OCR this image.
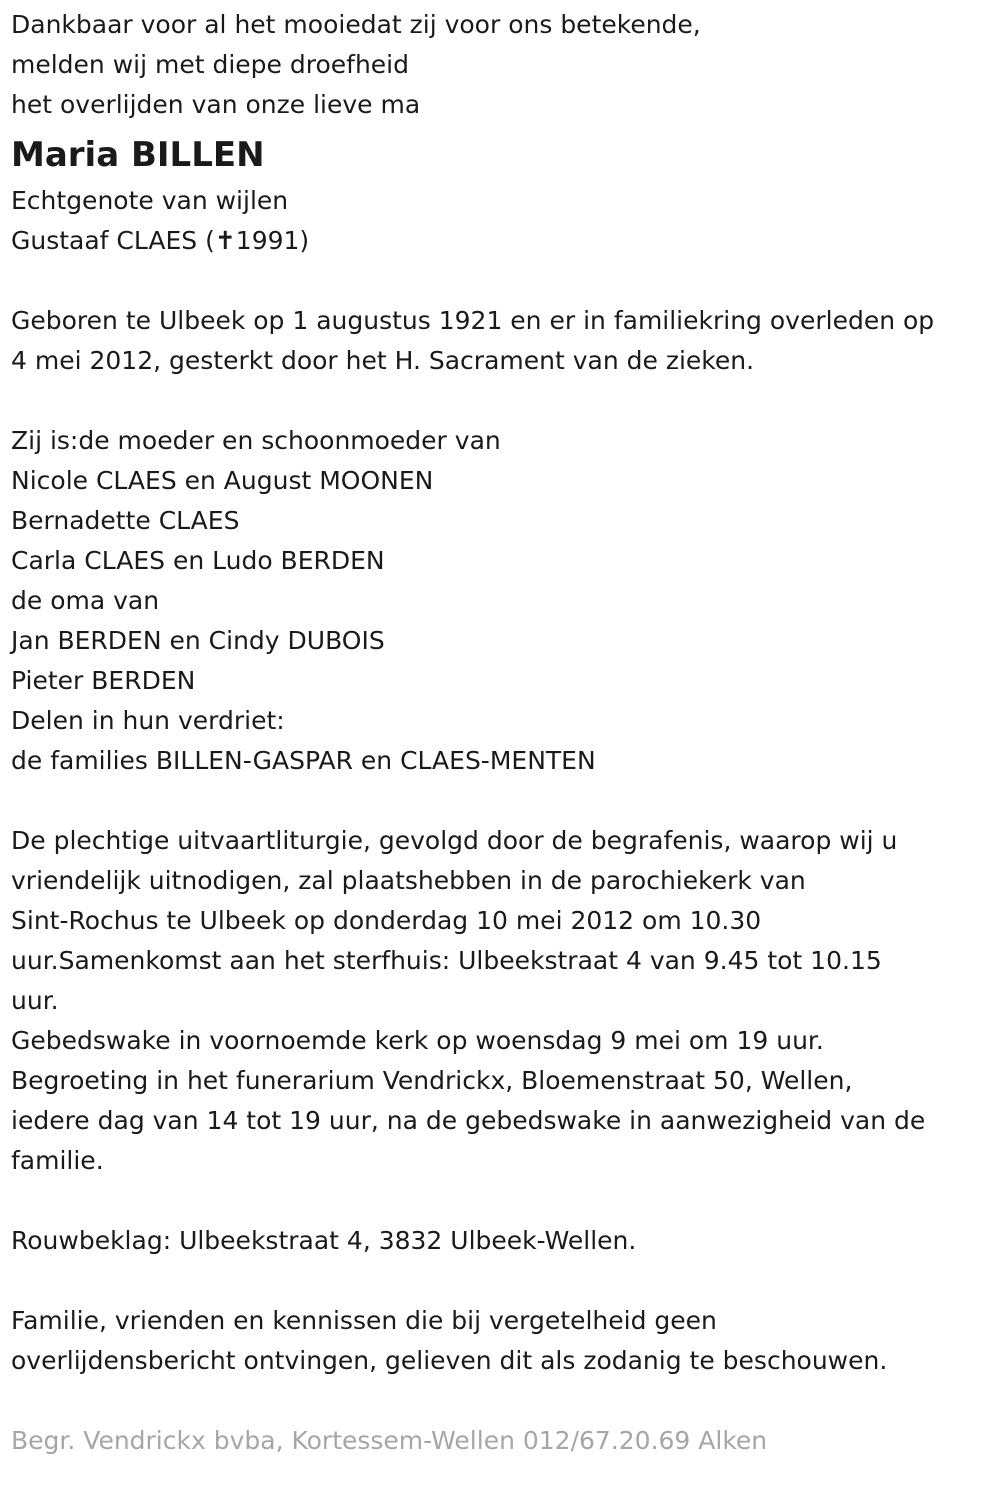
Dankbaar voor al het mooiedat zij voor ons betekende,
melden wij met diepe droefheid
het overlijden van onze lieve ma
Maria BILLEN
Echtgenote van wijlen
Gustaaf CLAES (✝1991)
Geboren te Ulbeek op 1 augustus 1921 en er in familiekring overleden op
4 mei 2012, gesterkt door het H. Sacrament van de zieken.
Zij is:de moeder en schoonmoeder van
Nicole CLAES en August MOONEN
Bernadette CLAES
Carla CLAES en Ludo BERDEN
de oma van
Jan BERDEN en Cindy DUBOIS
Pieter BERDEN
Delen in hun verdriet:
de families BILLEN-GASPAR en CLAES-MENTEN
De plechtige uitvaartliturgie, gevolgd door de begrafenis, waarop wij u
vriendelijk uitnodigen, zal plaatshebben in de parochiekerk van
Sint-Rochus te Ulbeek op donderdag 10 mei 2012 om 10.30
uur.Samenkomst aan het sterfhuis: Ulbeekstraat 4 van 9.45 tot 10.15
uur.
Gebedswake in voornoemde kerk op woensdag 9 mei om 19 uur.
Begroeting in het funerarium Vendrickx, Bloemenstraat 50, Wellen,
iedere dag van 14 tot 19 uur, na de gebedswake in aanwezigheid van de
familie.
Rouwbeklag: Ulbeekstraat 4, 3832 Ulbeek-Wellen.
Familie, vrienden en kennissen die bij vergetelheid geen
overlijdensbericht ontvingen, gelieven dit als zodanig te beschouwen.
Begr. Vendrickx bvba, Kortessem-Wellen 012/67.20.69 Alken
